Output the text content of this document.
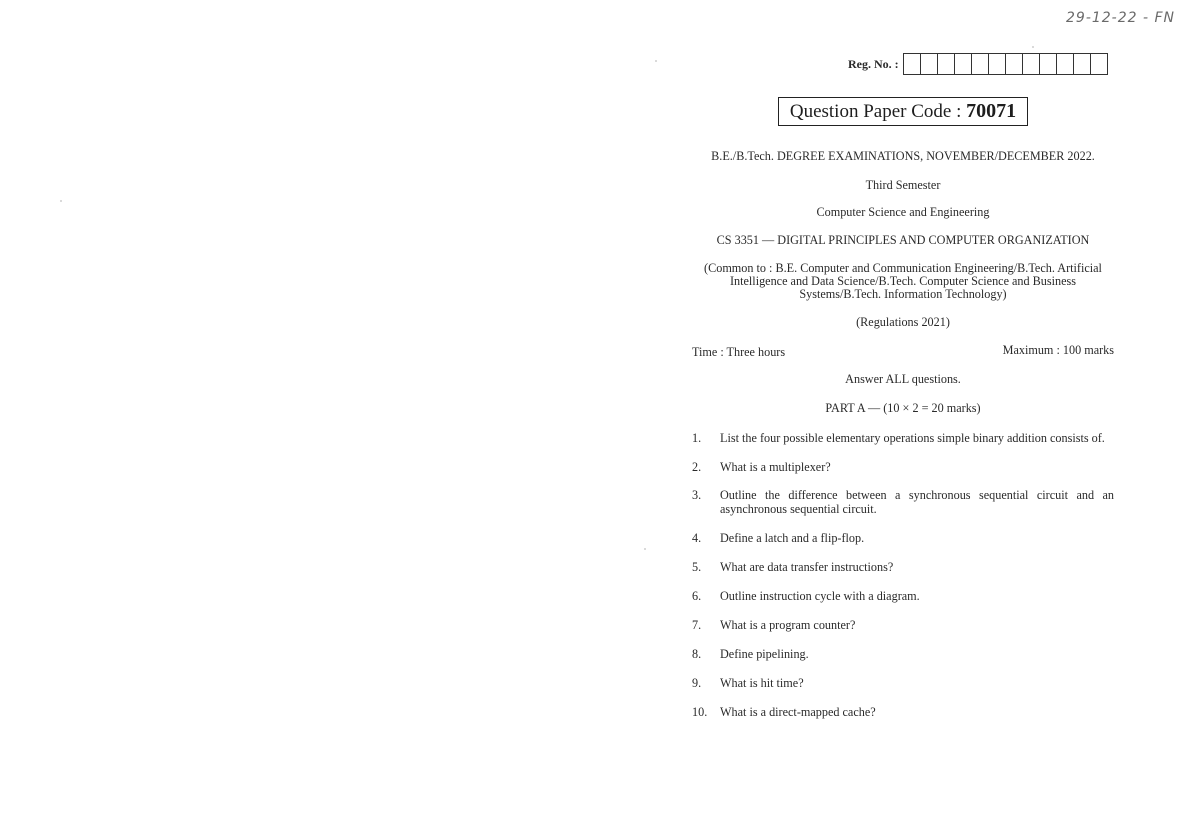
29-12-22 - FN
Reg. No. :
Question Paper Code : 70071
B.E./B.Tech. DEGREE EXAMINATIONS, NOVEMBER/DECEMBER 2022.
Third Semester
Computer Science and Engineering
CS 3351 — DIGITAL PRINCIPLES AND COMPUTER ORGANIZATION
(Common to : B.E. Computer and Communication Engineering/B.Tech. Artificial
Intelligence and Data Science/B.Tech. Computer Science and Business
Systems/B.Tech. Information Technology)
(Regulations 2021)
Time : Three hours	Maximum : 100 marks
Answer ALL questions.
PART A — (10 × 2 = 20 marks)
1. List the four possible elementary operations simple binary addition consists of.
2. What is a multiplexer?
3. Outline the difference between a synchronous sequential circuit and an asynchronous sequential circuit.
4. Define a latch and a flip-flop.
5. What are data transfer instructions?
6. Outline instruction cycle with a diagram.
7. What is a program counter?
8. Define pipelining.
9. What is hit time?
10. What is a direct-mapped cache?
